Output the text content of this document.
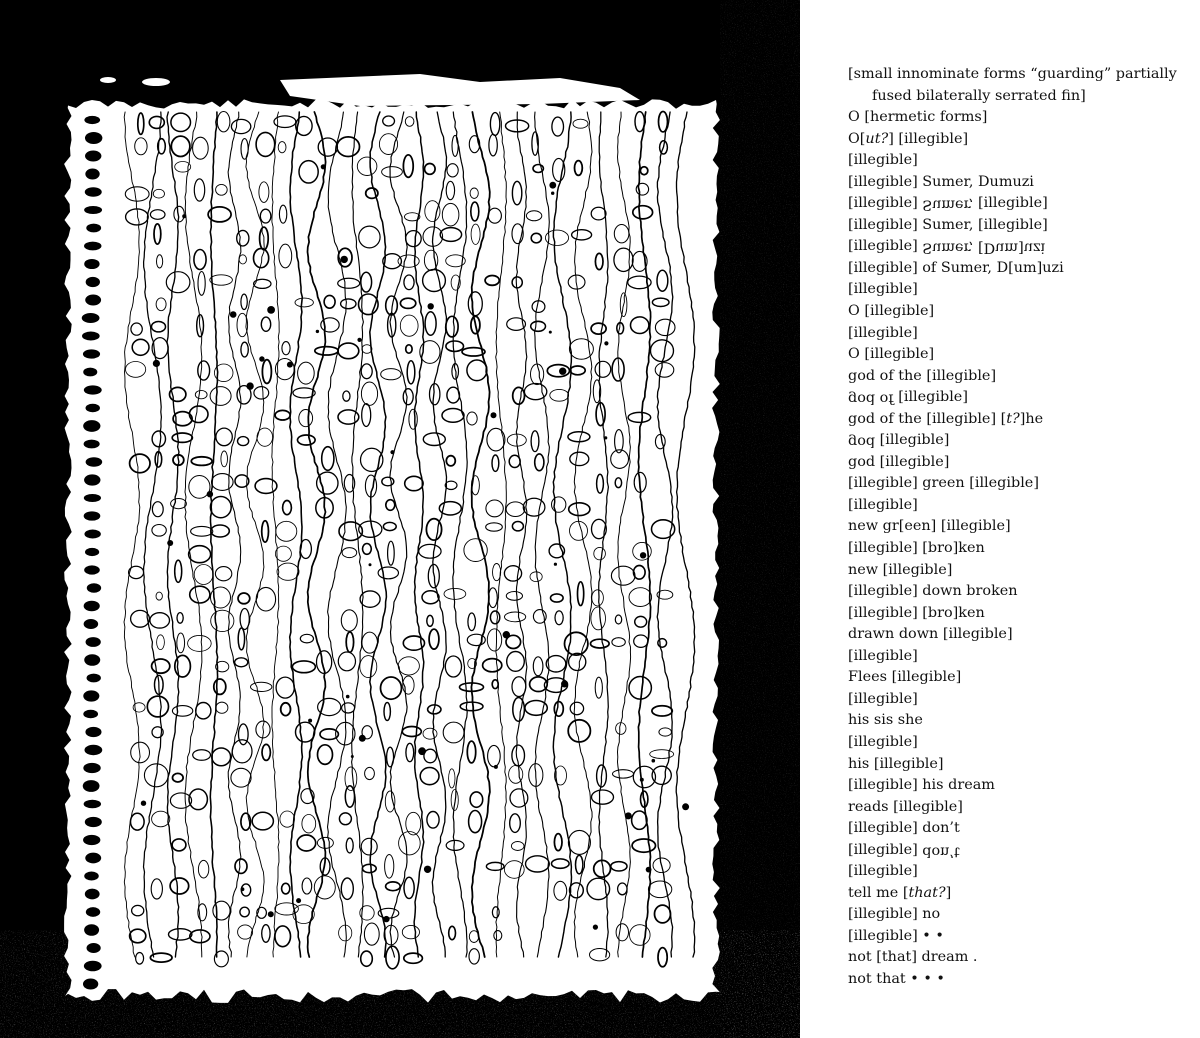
[small innominate forms “guarding” partially
fused bilaterally serrated fin]
O [hermetic forms]
O[ut?] [illegible]
[illegible]
[illegible] Sumer, Dumuzi
[illegible] Sumer, [illegible]
[illegible] Sumer, [illegible]
[illegible] Sumer, [Dum]uzi
[illegible] of Sumer, D[um]uzi
[illegible]
O [illegible]
[illegible]
O [illegible]
god of the [illegible]
god of [illegible]
god of the [illegible] [t?]he
god [illegible]
god [illegible]
[illegible] green [illegible]
[illegible]
new gr[een] [illegible]
[illegible] [bro]ken
new [illegible]
[illegible] down broken
[illegible] [bro]ken
drawn down [illegible]
[illegible]
Flees [illegible]
[illegible]
his sis she
[illegible]
his [illegible]
[illegible] his dream
reads [illegible]
[illegible] don’t
[illegible] don’t
[illegible]
tell me [that?]
[illegible] no
[illegible] • •
not [that] dream .
not that • • •
